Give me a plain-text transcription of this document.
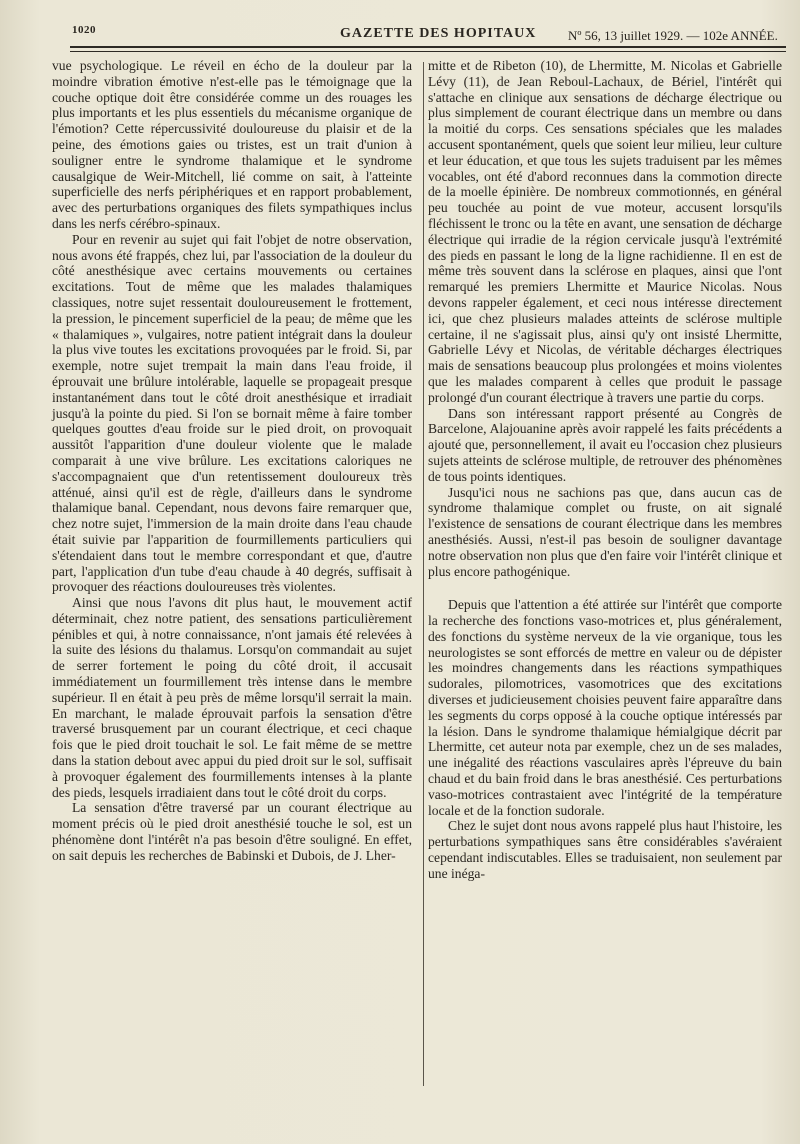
1020	GAZETTE DES HOPITAUX Nº 56, 13 juillet 1929. — 102e ANNÉE.

vue psychologique. Le réveil en écho de la douleur par la moindre vibration émotive n'est-elle pas le témoignage que la couche optique doit être considérée comme un des rouages les plus importants et les plus essentiels du mécanisme organique de l'émotion? Cette répercussivité douloureuse du plaisir et de la peine, des émotions gaies ou tristes, est un trait d'union à souligner entre le syndrome thalamique et le syndrome causalgique de Weir-Mitchell, lié comme on sait, à l'atteinte superficielle des nerfs périphériques et en rapport probablement, avec des perturbations organiques des filets sympathiques inclus dans les nerfs cérébro-spinaux.

Pour en revenir au sujet qui fait l'objet de notre observation, nous avons été frappés, chez lui, par l'association de la douleur du côté anesthésique avec certains mouvements ou certaines excitations. Tout de même que les malades thalamiques classiques, notre sujet ressentait douloureusement le frottement, la pression, le pincement superficiel de la peau; de même que les « thalamiques », vulgaires, notre patient intégrait dans la douleur la plus vive toutes les excitations provoquées par le froid. Si, par exemple, notre sujet trempait la main dans l'eau froide, il éprouvait une brûlure intolérable, laquelle se propageait presque instantanément dans tout le côté droit anesthésique et irradiait jusqu'à la pointe du pied. Si l'on se bornait même à faire tomber quelques gouttes d'eau froide sur le pied droit, on provoquait aussitôt l'apparition d'une douleur violente que le malade comparait à une vive brûlure. Les excitations caloriques ne s'accompagnaient que d'un retentissement douloureux très atténué, ainsi qu'il est de règle, d'ailleurs dans le syndrome thalamique banal. Cependant, nous devons faire remarquer que, chez notre sujet, l'immersion de la main droite dans l'eau chaude était suivie par l'apparition de fourmillements particuliers qui s'étendaient dans tout le membre correspondant et que, d'autre part, l'application d'un tube d'eau chaude à 40 degrés, suffisait à provoquer des réactions douloureuses très violentes.

Ainsi que nous l'avons dit plus haut, le mouvement actif déterminait, chez notre patient, des sensations particulièrement pénibles et qui, à notre connaissance, n'ont jamais été relevées à la suite des lésions du thalamus. Lorsqu'on commandait au sujet de serrer fortement le poing du côté droit, il accusait immédiatement un fourmillement très intense dans le membre supérieur. Il en était à peu près de même lorsqu'il serrait la main. En marchant, le malade éprouvait parfois la sensation d'être traversé brusquement par un courant électrique, et ceci chaque fois que le pied droit touchait le sol. Le fait même de se mettre dans la station debout avec appui du pied droit sur le sol, suffisait à provoquer également des fourmillements intenses à la plante des pieds, lesquels irradiaient dans tout le côté droit du corps.

La sensation d'être traversé par un courant électrique au moment précis où le pied droit anesthésié touche le sol, est un phénomène dont l'intérêt n'a pas besoin d'être souligné. En effet, on sait depuis les recherches de Babinski et Dubois, de J. Lher-

mitte et de Ribeton (10), de Lhermitte, M. Nicolas et Gabrielle Lévy (11), de Jean Reboul-Lachaux, de Bériel, l'intérêt qui s'attache en clinique aux sensations de décharge électrique ou plus simplement de courant électrique dans un membre ou dans la moitié du corps. Ces sensations spéciales que les malades accusent spontanément, quels que soient leur milieu, leur culture et leur éducation, et que tous les sujets traduisent par les mêmes vocables, ont été d'abord reconnues dans la commotion directe de la moelle épinière. De nombreux commotionnés, en général peu touchée au point de vue moteur, accusent lorsqu'ils fléchissent le tronc ou la tête en avant, une sensation de décharge électrique qui irradie de la région cervicale jusqu'à l'extrémité des pieds en passant le long de la ligne rachidienne. Il en est de même très souvent dans la sclérose en plaques, ainsi que l'ont remarqué les premiers Lhermitte et Maurice Nicolas. Nous devons rappeler également, et ceci nous intéresse directement ici, que chez plusieurs malades atteints de sclérose multiple certaine, il ne s'agissait plus, ainsi qu'y ont insisté Lhermitte, Gabrielle Lévy et Nicolas, de véritable décharges électriques mais de sensations beaucoup plus prolongées et moins violentes que les malades comparent à celles que produit le passage prolongé d'un courant électrique à travers une partie du corps.

Dans son intéressant rapport présenté au Congrès de Barcelone, Alajouanine après avoir rappelé les faits précédents a ajouté que, personnellement, il avait eu l'occasion chez plusieurs sujets atteints de sclérose multiple, de retrouver des phénomènes de tous points identiques.

Jusqu'ici nous ne sachions pas que, dans aucun cas de syndrome thalamique complet ou fruste, on ait signalé l'existence de sensations de courant électrique dans les membres anesthésiés. Aussi, n'est-il pas besoin de souligner davantage notre observation non plus que d'en faire voir l'intérêt clinique et plus encore pathogénique.

Depuis que l'attention a été attirée sur l'intérêt que comporte la recherche des fonctions vaso-motrices et, plus généralement, des fonctions du système nerveux de la vie organique, tous les neurologistes se sont efforcés de mettre en valeur ou de dépister les moindres changements dans les réactions sympathiques sudorales, pilomotrices, vasomotrices que des excitations diverses et judicieusement choisies peuvent faire apparaître dans les segments du corps opposé à la couche optique intéressés par la lésion. Dans le syndrome thalamique hémialgique décrit par Lhermitte, cet auteur nota par exemple, chez un de ses malades, une inégalité des réactions vasculaires après l'épreuve du bain chaud et du bain froid dans le bras anesthésié. Ces perturbations vaso-motrices contrastaient avec l'intégrité de la température locale et de la fonction sudorale.

Chez le sujet dont nous avons rappelé plus haut l'histoire, les perturbations sympathiques sans être considérables s'avéraient cependant indiscutables. Elles se traduisaient, non seulement par une inéga-
